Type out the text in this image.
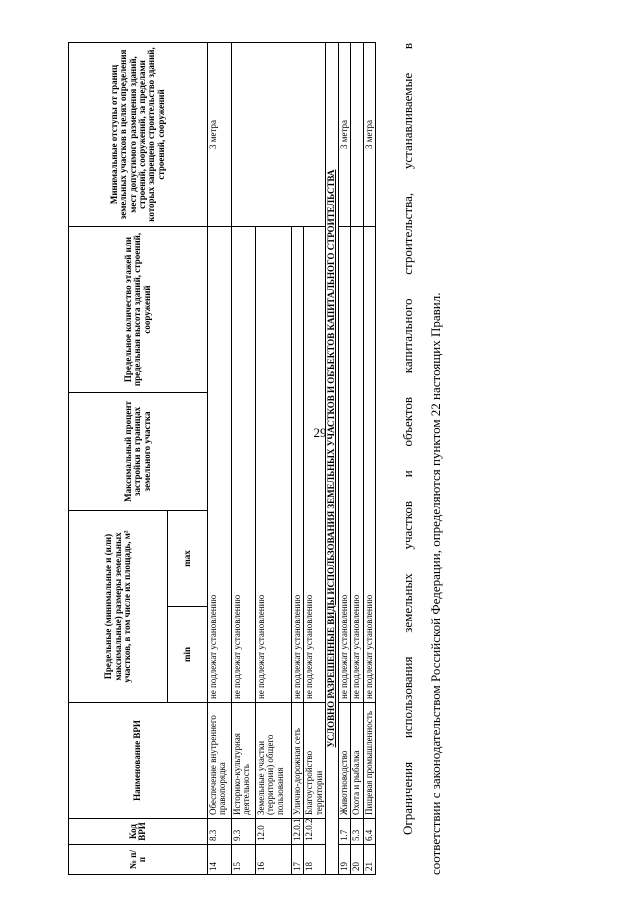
29
№ п/п	Код ВРИ	Наименование ВРИ	Предельные (минимальные и (или) максимальные) размеры земельных участков, в том числе их площадь, м²		Максимальный процент застройки в границах земельного участка	Предельное количество этажей или предельная высота зданий, строений, сооружений	Минимальные отступы от границ земельных участков в целях определения мест допустимого размещения зданий, строений, сооружений, за пределами которых запрещено строительство зданий, строений, сооружений
			min	max			
14	8.3	Обеспечение внутреннего правопорядка	не подлежат установлению				3 метра
15	9.3	Историко-культурная деятельность	не подлежат установлению				
16	12.0	Земельные участки (территории) общего пользования	не подлежат установлению				
17	12.0.1	Улично-дорожная сеть	не подлежат установлению				
18	12.0.2	Благоустройство территории	не подлежат установлению				
УСЛОВНО РАЗРЕШЕННЫЕ ВИДЫ ИСПОЛЬЗОВАНИЯ ЗЕМЕЛЬНЫХ УЧАСТКОВ И ОБЪЕКТОВ КАПИТАЛЬНОГО СТРОИТЕЛЬСТВА							
19	1.7	Животноводство	не подлежат установлению				3 метра
20	5.3	Охота и рыбалка	не подлежат установлению				
21	6.4	Пищевая промышленность	не подлежат установлению				3 метра	Ограничения использования земельных участков и объектов капитального строительства, устанавливаемые в	соответствии с законодательством Российской Федерации, определяются пунктом 22 настоящих Правил.
